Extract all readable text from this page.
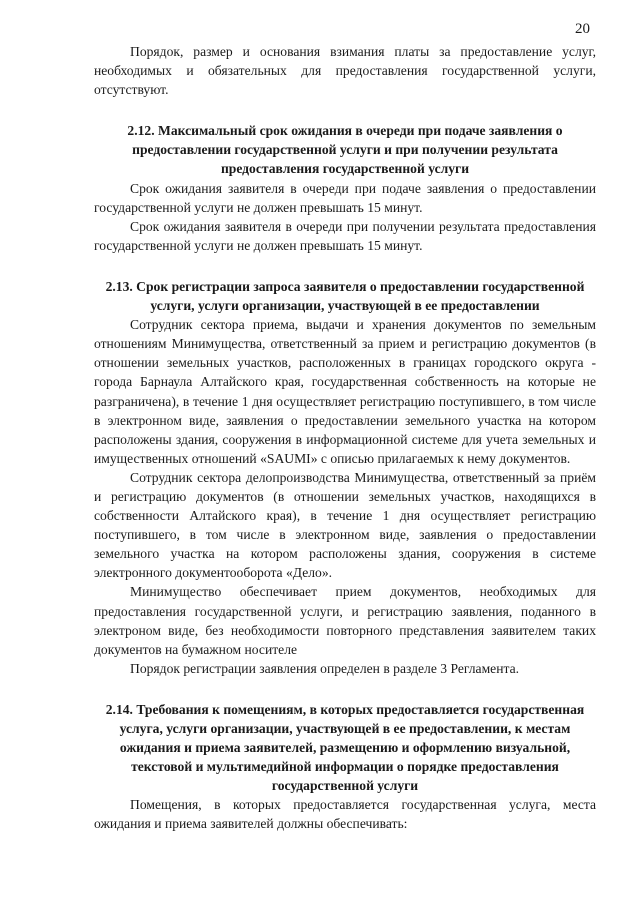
20

Порядок, размер и основания взимания платы за предоставление услуг, необходимых и обязательных для предоставления государственной услуги, отсутствуют.

2.12. Максимальный срок ожидания в очереди при подаче заявления о предоставлении государственной услуги и при получении результата предоставления государственной услуги

Срок ожидания заявителя в очереди при подаче заявления о предоставлении государственной услуги не должен превышать 15 минут.

Срок ожидания заявителя в очереди при получении результата предоставления государственной услуги не должен превышать 15 минут.

2.13. Срок регистрации запроса заявителя о предоставлении государственной услуги, услуги организации, участвующей в ее предоставлении

Сотрудник сектора приема, выдачи и хранения документов по земельным отношениям Минимущества, ответственный за прием и регистрацию документов (в отношении земельных участков, расположенных в границах городского округа - города Барнаула Алтайского края, государственная собственность на которые не разграничена), в течение 1 дня осуществляет регистрацию поступившего, в том числе в электронном виде, заявления о предоставлении земельного участка на котором расположены здания, сооружения в информационной системе для учета земельных и имущественных отношений «SAUMI» с описью прилагаемых к нему документов.

Сотрудник сектора делопроизводства Минимущества, ответственный за приём и регистрацию документов (в отношении земельных участков, находящихся в собственности Алтайского края), в течение 1 дня осуществляет регистрацию поступившего, в том числе в электронном виде, заявления о предоставлении земельного участка на котором расположены здания, сооружения в системе электронного документооборота «Дело».

Минимущество обеспечивает прием документов, необходимых для предоставления государственной услуги, и регистрацию заявления, поданного в электроном виде, без необходимости повторного представления заявителем таких документов на бумажном носителе

Порядок регистрации заявления определен в разделе 3 Регламента.

2.14. Требования к помещениям, в которых предоставляется государственная услуга, услуги организации, участвующей в ее предоставлении, к местам ожидания и приема заявителей, размещению и оформлению визуальной, текстовой и мультимедийной информации о порядке предоставления государственной услуги

Помещения, в которых предоставляется государственная услуга, места ожидания и приема заявителей должны обеспечивать:
